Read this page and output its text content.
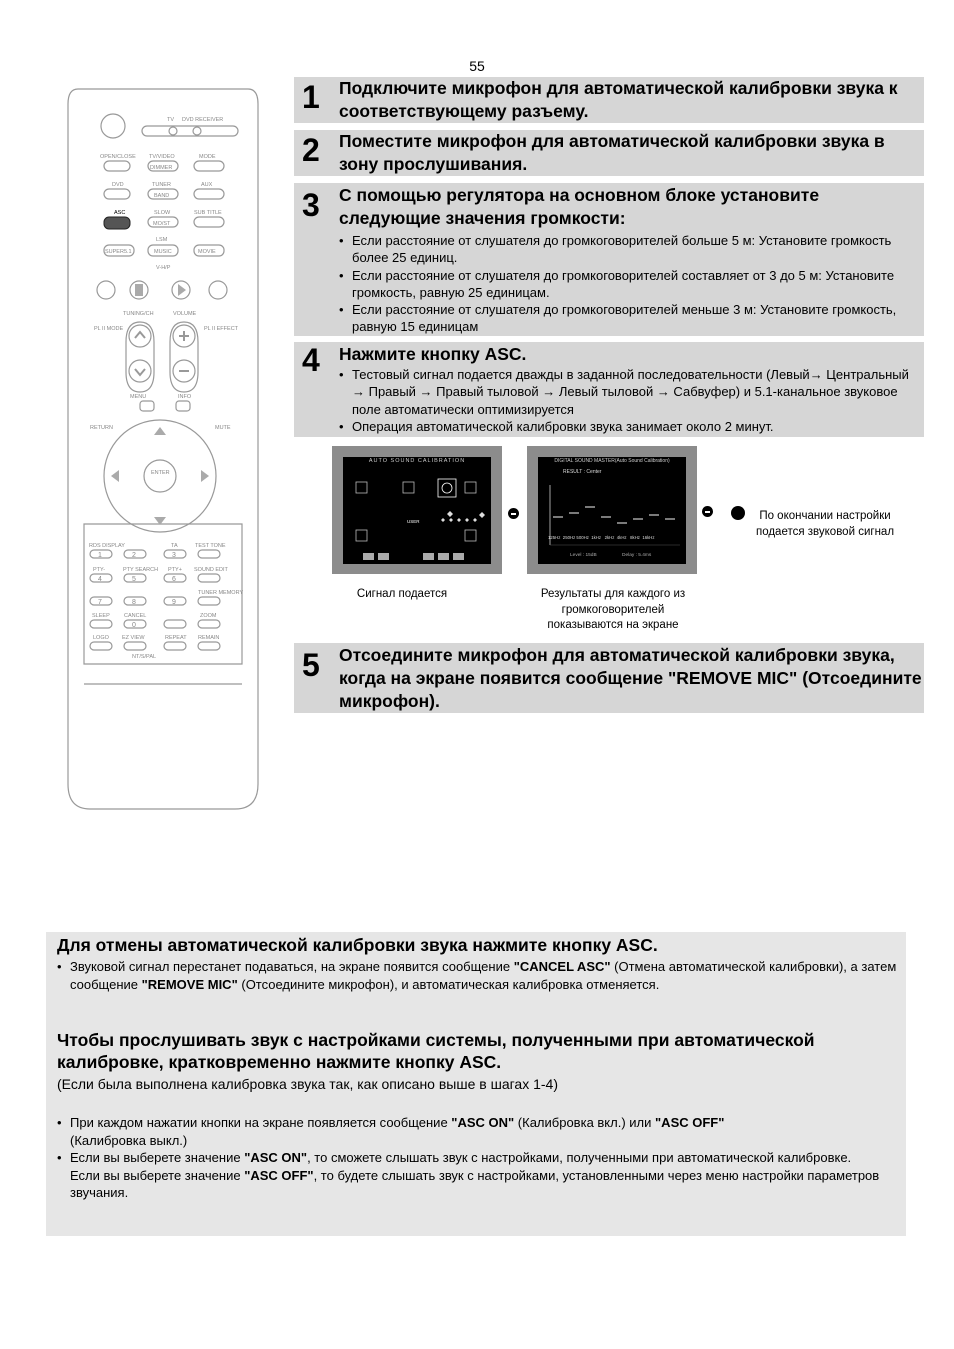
55
TV DVD RECEIVER
OPEN/CLOSE TV/VIDEO	MODE
DIMMER
DVD	TUNER	AUX
BAND
ASC	SLOW	SUB TITLE
MO/ST
LSM
SUPER5.1	MUSIC	MOVIE
V-H/P
TUNING/CH	VOLUME
PL II MODE	PL II EFFECT
MENU	INFO
RETURN	MUTE
ENTER
RDS DISPLAY	TA	TEST TONE
PTY-	PTY SEARCH PTY+ SOUND EDIT
TUNER MEMORY
SLEEP	CANCEL	ZOOM
LOGO EZ VIEW	REPEAT REMAIN
NT/S/PAL
1	2	3
4	5	6
7	8	9
0
1 Подключите микрофон для автоматической калибровки звука к соответствующему разъему.
2 Поместите микрофон для автоматической калибровки звука в зону прослушивания.
3 С помощью регулятора на основном блоке установите следующие значения громкости:
• Если расстояние от слушателя до громкоговорителей больше 5 м: Установите громкость более 25 единиц.
• Если расстояние от слушателя до громкоговорителей составляет от 3 до 5 м: Установите громкость, равную 25 единицам.
• Если расстояние от слушателя до громкоговорителей меньше 3 м: Установите громкость, равную 15 единицам
4 Нажмите кнопку ASC.
• Тестовый сигнал подается дважды в заданной последовательности (Левый→ Центральный → Правый → Правый тыловой → Левый тыловой → Сабвуфер) и 5.1-канальное звуковое поле автоматически оптимизируется
• Операция автоматической калибровки звука занимает около 2 минут.
AUTO SOUND CALIBRATION
USER
Сигнал подается
DIGITAL SOUND MASTER(Auto Sound Calibration)
RESULT : Center
125Hz  250Hz 500Hz  1kHz   2kHz  4kHz   8kHz  16kHz
Level : 15dB	Delay : 5.4ms
Результаты для каждого из громкоговорителей показываются на экране
По окончании настройки подается звуковой сигнал
5 Отсоедините микрофон для автоматической калибровки звука, когда на экране появится сообщение "REMOVE MIC" (Отсоедините микрофон).
Для отмены автоматической калибровки звука нажмите кнопку ASC.
• Звуковой сигнал перестанет подаваться, на экране появится сообщение "CANCEL ASC" (Отмена автоматической калибровки), а затем сообщение "REMOVE MIC" (Отсоедините микрофон), и автоматическая калибровка отменяется.
Чтобы прослушивать звук с настройками системы, полученными при автоматической калибровке, кратковременно нажмите кнопку ASC.
(Если была выполнена калибровка звука так, как описано выше в шагах 1-4)
• При каждом нажатии кнопки на экране появляется сообщение "ASC ON" (Калибровка вкл.) или "ASC OFF"
(Калибровка выкл.)
• Если вы выберете значение "ASC ON", то сможете слышать звук с настройками, полученными при автоматической калибровке.
Если вы выберете значение "ASC OFF", то будете слышать звук с настройками, установленными через меню настройки параметров звучания.
